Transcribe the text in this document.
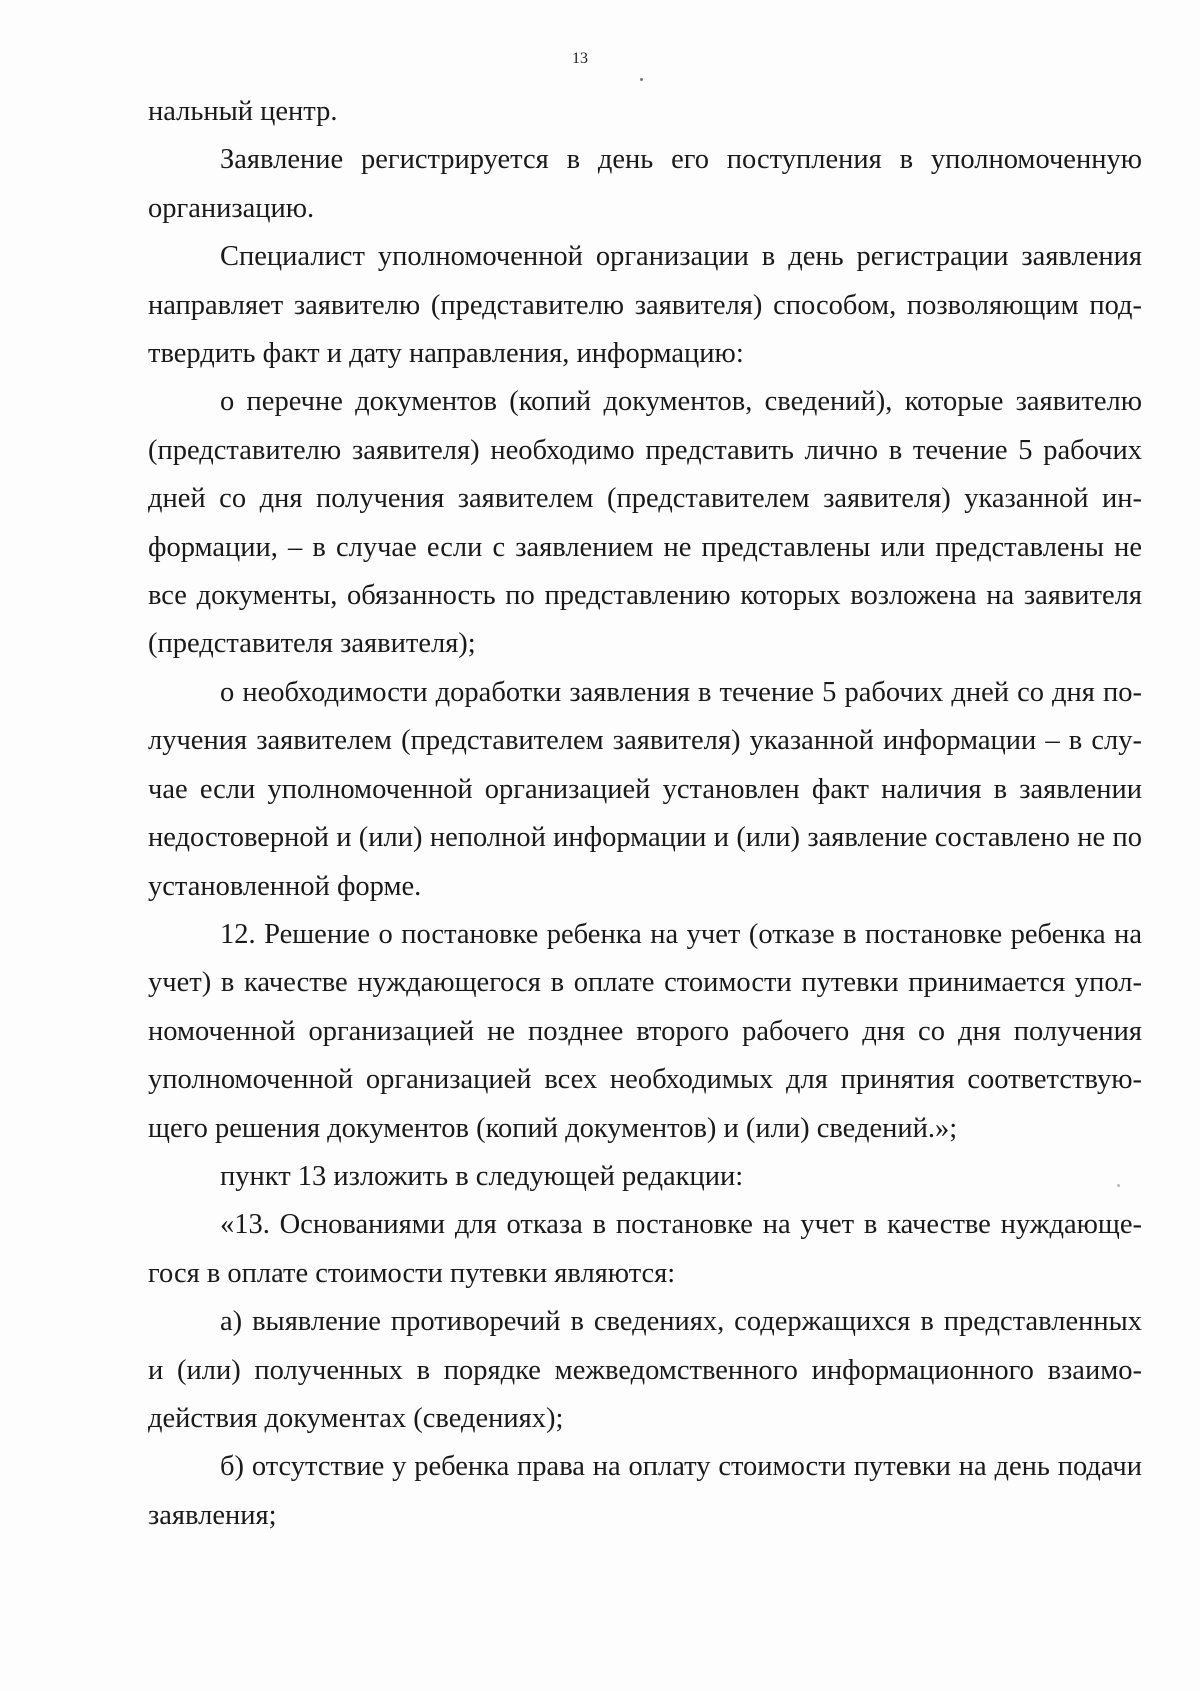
13

нальный центр.

Заявление регистрируется в день его поступления в уполномоченную организацию.

Специалист уполномоченной организации в день регистрации заявления направляет заявителю (представителю заявителя) способом, позволяющим подтвердить факт и дату направления, информацию:

о перечне документов (копий документов, сведений), которые заявителю (представителю заявителя) необходимо представить лично в течение 5 рабочих дней со дня получения заявителем (представителем заявителя) указанной информации, – в случае если с заявлением не представлены или представлены не все документы, обязанность по представлению которых возложена на заявителя (представителя заявителя);

о необходимости доработки заявления в течение 5 рабочих дней со дня получения заявителем (представителем заявителя) указанной информации – в случае если уполномоченной организацией установлен факт наличия в заявлении недостоверной и (или) неполной информации и (или) заявление составлено не по установленной форме.

12. Решение о постановке ребенка на учет (отказе в постановке ребенка на учет) в качестве нуждающегося в оплате стоимости путевки принимается уполномоченной организацией не позднее второго рабочего дня со дня получения уполномоченной организацией всех необходимых для принятия соответствующего решения документов (копий документов) и (или) сведений.»;

пункт 13 изложить в следующей редакции:

«13. Основаниями для отказа в постановке на учет в качестве нуждающегося в оплате стоимости путевки являются:

а) выявление противоречий в сведениях, содержащихся в представленных и (или) полученных в порядке межведомственного информационного взаимодействия документах (сведениях);

б) отсутствие у ребенка права на оплату стоимости путевки на день подачи заявления;
